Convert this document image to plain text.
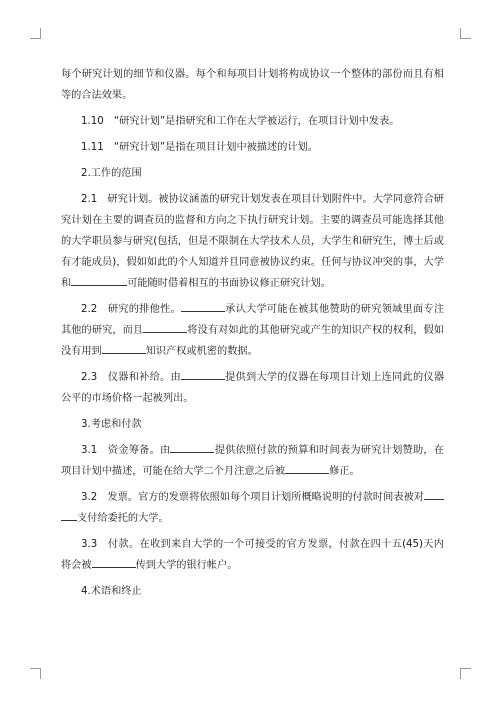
每个研究计划的细节和仪器。每个和每项目计划将构成协议一个整体的部份而且有相等的合法效果。

1.10　“研究计划”是指研究和工作在大学被运行，在项目计划中发表。

1.11　“研究计划”是指在项目计划中被描述的计划。

2.工作的范围

2.1　研究计划。被协议涵盖的研究计划发表在项目计划附件中。大学同意符合研究计划在主要的调查员的监督和方向之下执行研究计划。主要的调查员可能选择其他的大学职员参与研究(包括，但是不限制在大学技术人员，大学生和研究生，博士后或有才能成员)，假如如此的个人知道并且同意被协议约束。任何与协议冲突的事，大学和	可能随时借着相互的书面协议修正研究计划。

2.2　研究的排他性。	承认大学可能在被其他赞助的研究领域里面专注其他的研究，而且	将没有对如此的其他研究或产生的知识产权的权利，假如没有用到	知识产权或机密的数据。

2.3　仪器和补给。由	提供到大学的仪器在每项目计划上连同此的仪器公平的市场价格一起被列出。

3.考虑和付款

3.1　资金筹备。由	提供依照付款的预算和时间表为研究计划赞助，在项目计划中描述，可能在给大学二个月注意之后被	修正。

3.2　发票。官方的发票将依照如每个项目计划所概略说明的付款时间表被对支付给委托的大学。

3.3　付款。在收到来自大学的一个可接受的官方发票，付款在四十五(45)天内将会被	传到大学的银行帐户。

4.术语和终止
